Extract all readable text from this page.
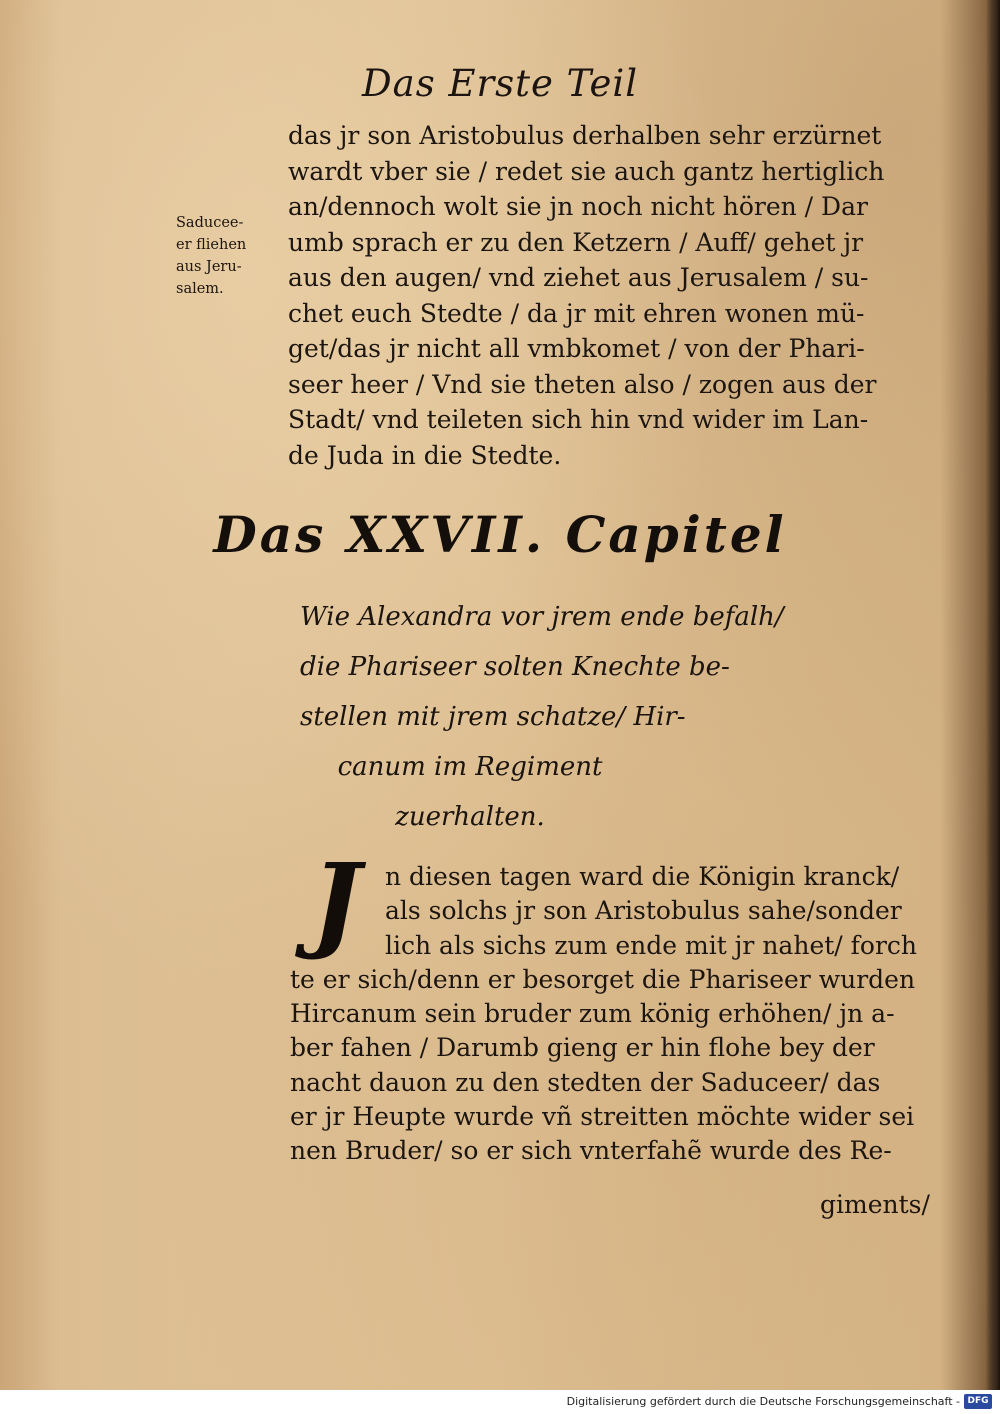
Das Erste Teil
Saducee-
er fliehen
aus Jeru-
salem.
das jr son Aristobulus derhalben sehr erzürnet
wardt vber sie / redet sie auch gantz hertiglich
an/dennoch wolt sie jn noch nicht hören / Dar
umb sprach er zu den Ketzern / Auff/ gehet jr
aus den augen/ vnd ziehet aus Jerusalem / su-
chet euch Stedte / da jr mit ehren wonen mü-
get/das jr nicht all vmbkomet / von der Phari-
seer heer / Vnd sie theten also / zogen aus der
Stadt/ vnd teileten sich hin vnd wider im Lan-
de Juda in die Stedte.
Das XXVII. Capitel
Wie Alexandra vor jrem ende befalh/
die Phariseer solten Knechte be-
stellen mit jrem schatze/ Hir-
canum im Regiment
zuerhalten.
J n diesen tagen ward die Königin kranck/
als solchs jr son Aristobulus sahe/sonder
lich als sichs zum ende mit jr nahet/ forch
te er sich/denn er besorget die Phariseer wurden
Hircanum sein bruder zum könig erhöhen/ jn a-
ber fahen / Darumb gieng er hin flohe bey der
nacht dauon zu den stedten der Saduceer/ das
er jr Heupte wurde vñ streitten möchte wider sei
nen Bruder/ so er sich vnterfahẽ wurde des Re-
giments/
Digitalisierung gefördert durch die Deutsche Forschungsgemeinschaft - DFG
